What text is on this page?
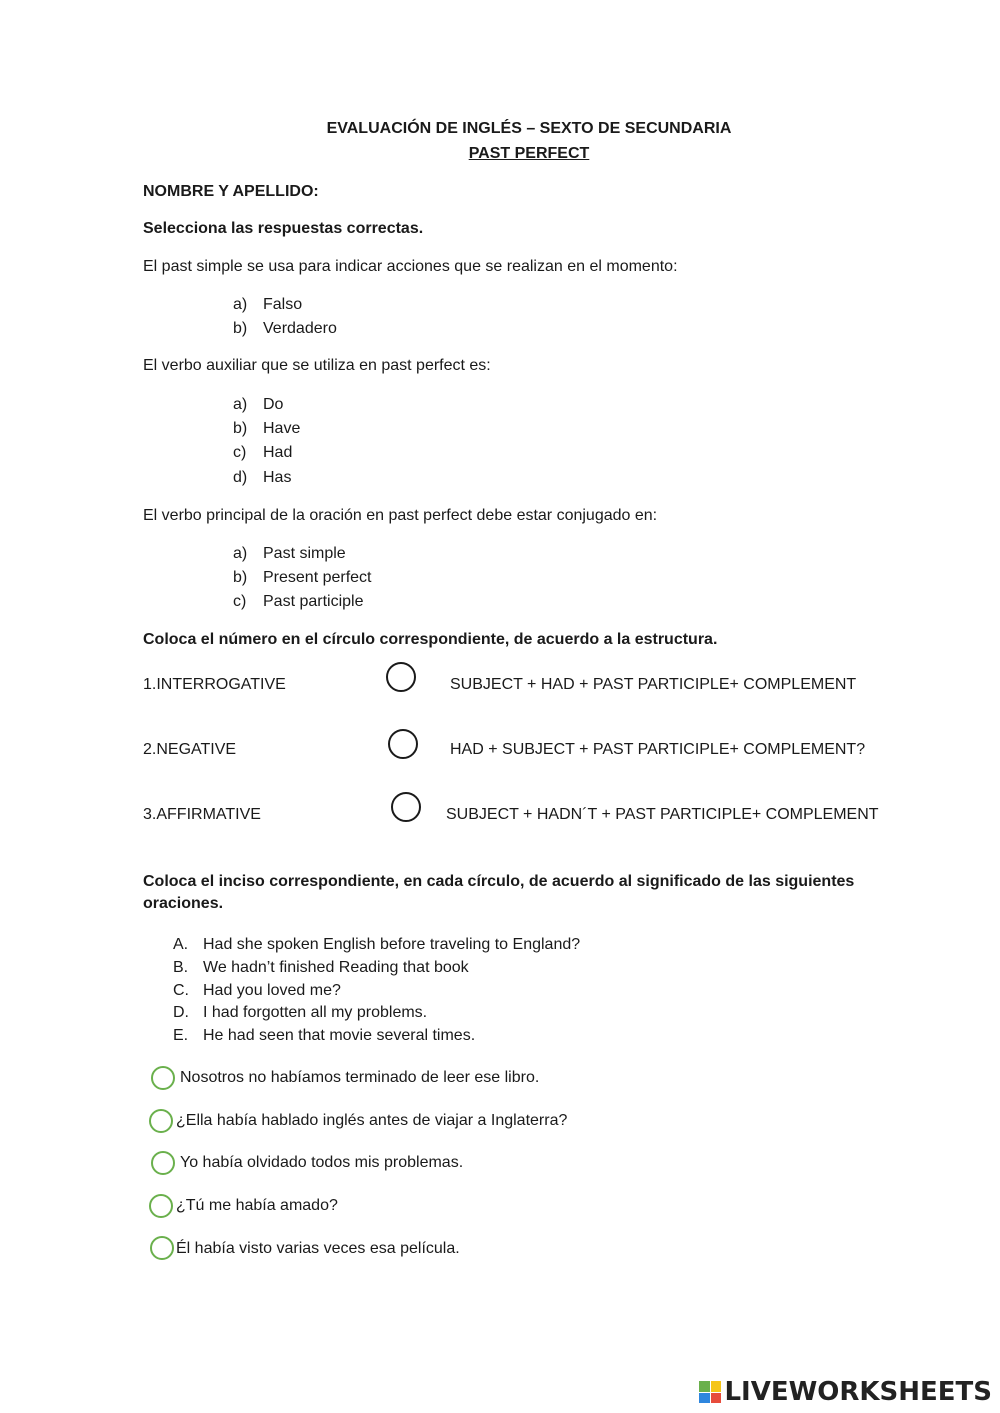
EVALUACIÓN DE INGLÉS – SEXTO DE SECUNDARIA
PAST PERFECT
NOMBRE Y APELLIDO:
Selecciona las respuestas correctas.
El past simple se usa para indicar acciones que se realizan en el momento:
a) Falso
b) Verdadero
El verbo auxiliar que se utiliza en past perfect es:
a) Do
b) Have
c) Had
d) Has
El verbo principal de la oración en past perfect debe estar conjugado en:
a) Past simple
b) Present perfect
c) Past participle
Coloca el número en el círculo correspondiente, de acuerdo a la estructura.
1.INTERROGATIVE	SUBJECT + HAD + PAST PARTICIPLE+ COMPLEMENT
2.NEGATIVE	HAD + SUBJECT + PAST PARTICIPLE+ COMPLEMENT?
3.AFFIRMATIVE	SUBJECT + HADN´T + PAST PARTICIPLE+ COMPLEMENT
Coloca el inciso correspondiente, en cada círculo, de acuerdo al significado de las siguientes oraciones.
A. Had she spoken English before traveling to England?
B. We hadn’t finished Reading that book
C. Had you loved me?
D. I had forgotten all my problems.
E. He had seen that movie several times.
Nosotros no habíamos terminado de leer ese libro.
¿Ella había hablado inglés antes de viajar a Inglaterra?
Yo había olvidado todos mis problemas.
¿Tú me había amado?
Él había visto varias veces esa película.
LIVEWORKSHEETS
